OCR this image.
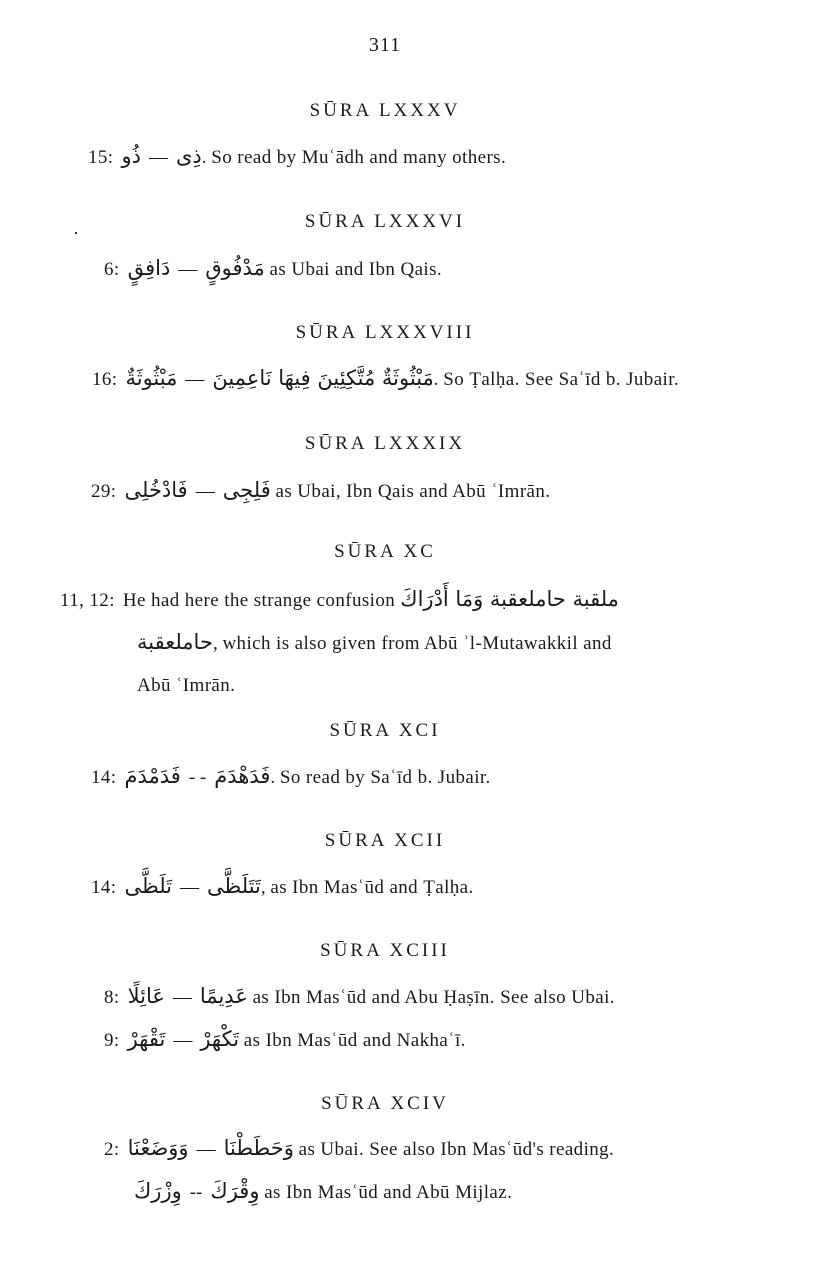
311
SŪRA LXXXV
15: ذُو — ذِى. So read by Muʿādh and many others.
SŪRA LXXXVI
6: دَافِقٍ — مَدْفُوقٍ as Ubai and Ibn Qais.
SŪRA LXXXVIII
16: مَبْثُوثَةٌ — مَبْثُوثَةٌ مُتَّكِئِينَ فِيهَا نَاعِمِينَ. So Ṭalḥa. See Saʿīd b. Jubair.
SŪRA LXXXIX
29: فَادْخُلِى — فَلِجِى as Ubai, Ibn Qais and Abū ʿImrān.
SŪRA XC
11, 12: He had here the strange confusion ملقبة حاملعقبة وَمَا أَدْرَاكَ
حاملعقبة, which is also given from Abū ʾl-Mutawakkil and
Abū ʿImrān.
SŪRA XCI
14: فَدَمْدَمَ - - فَدَهْدَمَ. So read by Saʿīd b. Jubair.
SŪRA XCII
14: تَلَظَّى — تَتَلَظَّى, as Ibn Masʿūd and Ṭalḥa.
SŪRA XCIII
8: عَائِلًا — عَدِيمًا as Ibn Masʿūd and Abu Ḥaṣīn. See also Ubai.
9: تَقْهَرْ — تَكْهَرْ as Ibn Masʿūd and Nakhaʿī.
SŪRA XCIV
2: وَوَضَعْنَا — وَحَطَطْنَا as Ubai. See also Ibn Masʿūd's reading.
وِزْرَكَ -- وِقْرَكَ as Ibn Masʿūd and Abū Mijlaz.
